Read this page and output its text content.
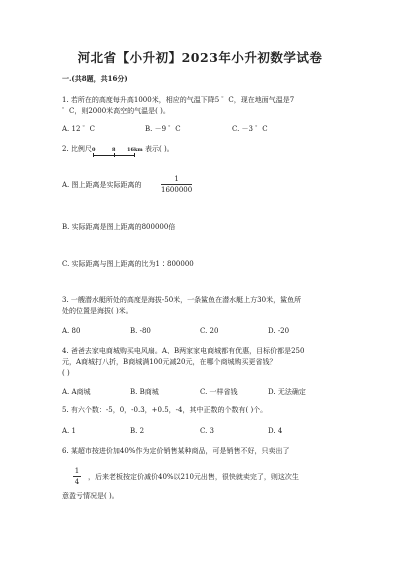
河北省【小升初】2023年小升初数学试卷
一.(共8题，共16分)
1. 若所在的高度每升高1000米，相应的气温下降5 ゜C，现在地面气温是7
゜C，则2000米高空的气温是( )。
A. 12 ゜C	B. －9 ゜C	C. －3 ゜C
2. 比例尺 0	8 16km 表示( )。
A. 图上距离是实际距离的
1
1600000
B. 实际距离是图上距离的800000倍
C. 实际距离与图上距离的比为1∶800000
3. 一艘潜水艇所处的高度是海拔-50米，一条鲨鱼在潜水艇上方30米，鲨鱼所
处的位置是海拔( )米。
A. 80	B. -80	C. 20	D. -20
4. 爸爸去家电商城购买电风扇。A、B两家家电商城都有优惠，目标价都是250
元，A商城打八折，B商城满100元减20元，在哪个商城购买更省钱？
( )
A. A商城	B. B商城	C. 一样省钱	D. 无法确定
5. 有六个数：-5，0，-0.3，+0.5，-4，其中正数的个数有( )个。
A. 1	B. 2	C. 3	D. 4
6. 某超市按进价加40%作为定价销售某种商品，可是销售不好，只卖出了
1
4
，后来老板按定价减价40%以210元出售，很快就卖完了，则这次生
意盈亏情况是( )。
